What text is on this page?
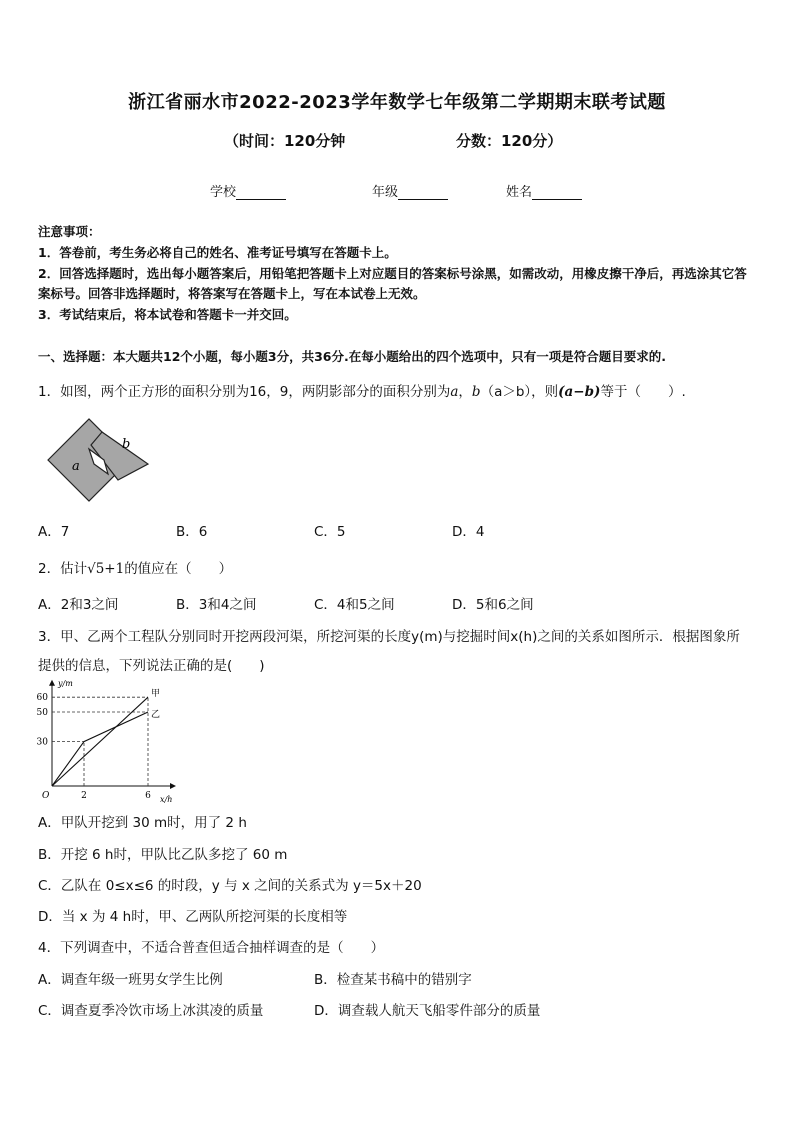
浙江省丽水市2022-2023学年数学七年级第二学期期末联考试题
（时间：120分钟	分数：120分）
学校	年级	姓名
注意事项：
1．答卷前，考生务必将自己的姓名、准考证号填写在答题卡上。
2．回答选择题时，选出每小题答案后，用铅笔把答题卡上对应题目的答案标号涂黑，如需改动，用橡皮擦干净后，再选涂其它答案标号。回答非选择题时，将答案写在答题卡上，写在本试卷上无效。
3．考试结束后，将本试卷和答题卡一并交回。
一、选择题：本大题共12个小题，每小题3分，共36分.在每小题给出的四个选项中，只有一项是符合题目要求的.
1．如图，两个正方形的面积分别为16，9，两阴影部分的面积分别为a，b（a＞b），则(a−b)等于（　　）.
a
b
A．7	B．6	C．5	D．4
2．估计√5+1的值应在（　　）
A．2和3之间	B．3和4之间	C．4和5之间	D．5和6之间
3．甲、乙两个工程队分别同时开挖两段河渠，所挖河渠的长度y(m)与挖掘时间x(h)之间的关系如图所示．根据图象所
提供的信息，下列说法正确的是(　　)
y/m
x/h
O
30
50
60
2	6
甲
乙
A．甲队开挖到 30 m时，用了 2 h
B．开挖 6 h时，甲队比乙队多挖了 60 m
C．乙队在 0≤x≤6 的时段，y 与 x 之间的关系式为 y＝5x＋20
D．当 x 为 4 h时，甲、乙两队所挖河渠的长度相等
4．下列调查中，不适合普查但适合抽样调查的是（　　）
A．调查年级一班男女学生比例	B．检查某书稿中的错别字
C．调查夏季冷饮市场上冰淇凌的质量	D．调查载人航天飞船零件部分的质量
